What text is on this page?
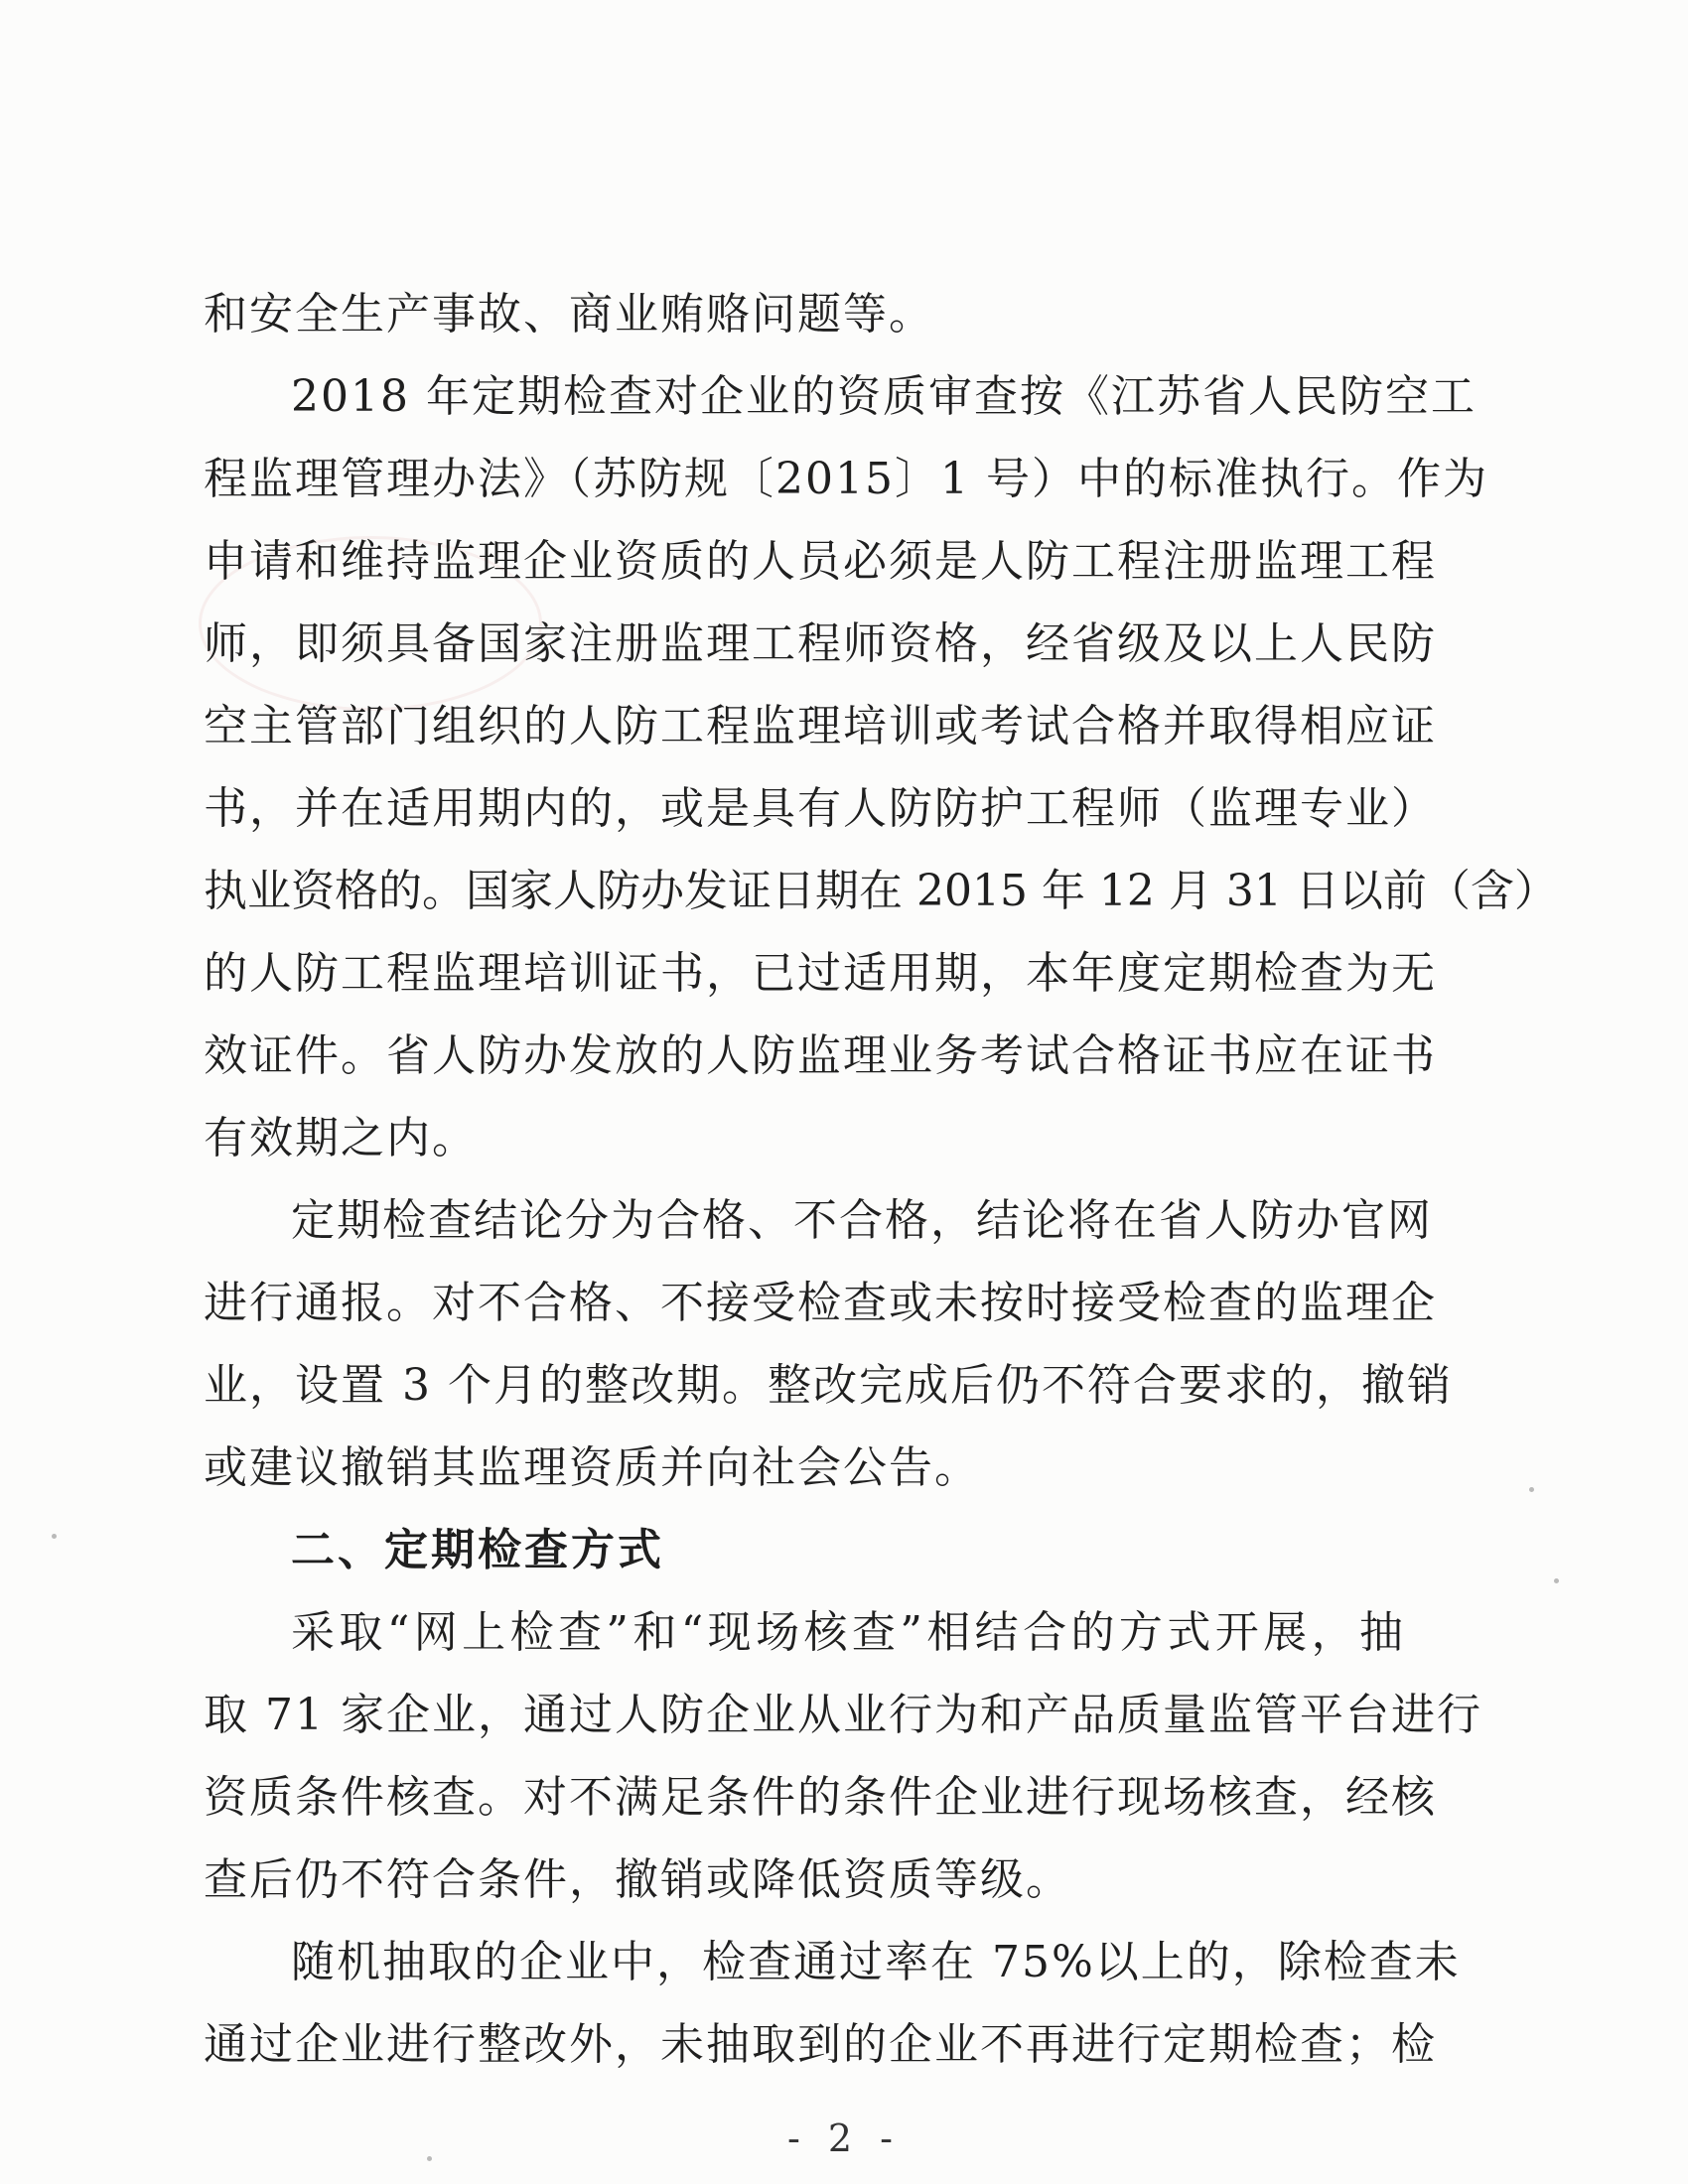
和安全生产事故、商业贿赂问题等。
2018 年定期检查对企业的资质审查按《江苏省人民防空工
程监理管理办法》（苏防规〔2015〕1 号）中的标准执行。作为
申请和维持监理企业资质的人员必须是人防工程注册监理工程
师，即须具备国家注册监理工程师资格，经省级及以上人民防
空主管部门组织的人防工程监理培训或考试合格并取得相应证
书，并在适用期内的，或是具有人防防护工程师（监理专业）
执业资格的。国家人防办发证日期在 2015 年 12 月 31 日以前（含）
的人防工程监理培训证书，已过适用期，本年度定期检查为无
效证件。省人防办发放的人防监理业务考试合格证书应在证书
有效期之内。
定期检查结论分为合格、不合格，结论将在省人防办官网
进行通报。对不合格、不接受检查或未按时接受检查的监理企
业，设置 3 个月的整改期。整改完成后仍不符合要求的，撤销
或建议撤销其监理资质并向社会公告。
二、定期检查方式
采取“网上检查”和“现场核查”相结合的方式开展，抽
取 71 家企业，通过人防企业从业行为和产品质量监管平台进行
资质条件核查。对不满足条件的条件企业进行现场核查，经核
查后仍不符合条件，撤销或降低资质等级。
随机抽取的企业中，检查通过率在 75%以上的，除检查未
通过企业进行整改外，未抽取到的企业不再进行定期检查；检
- 2 -
